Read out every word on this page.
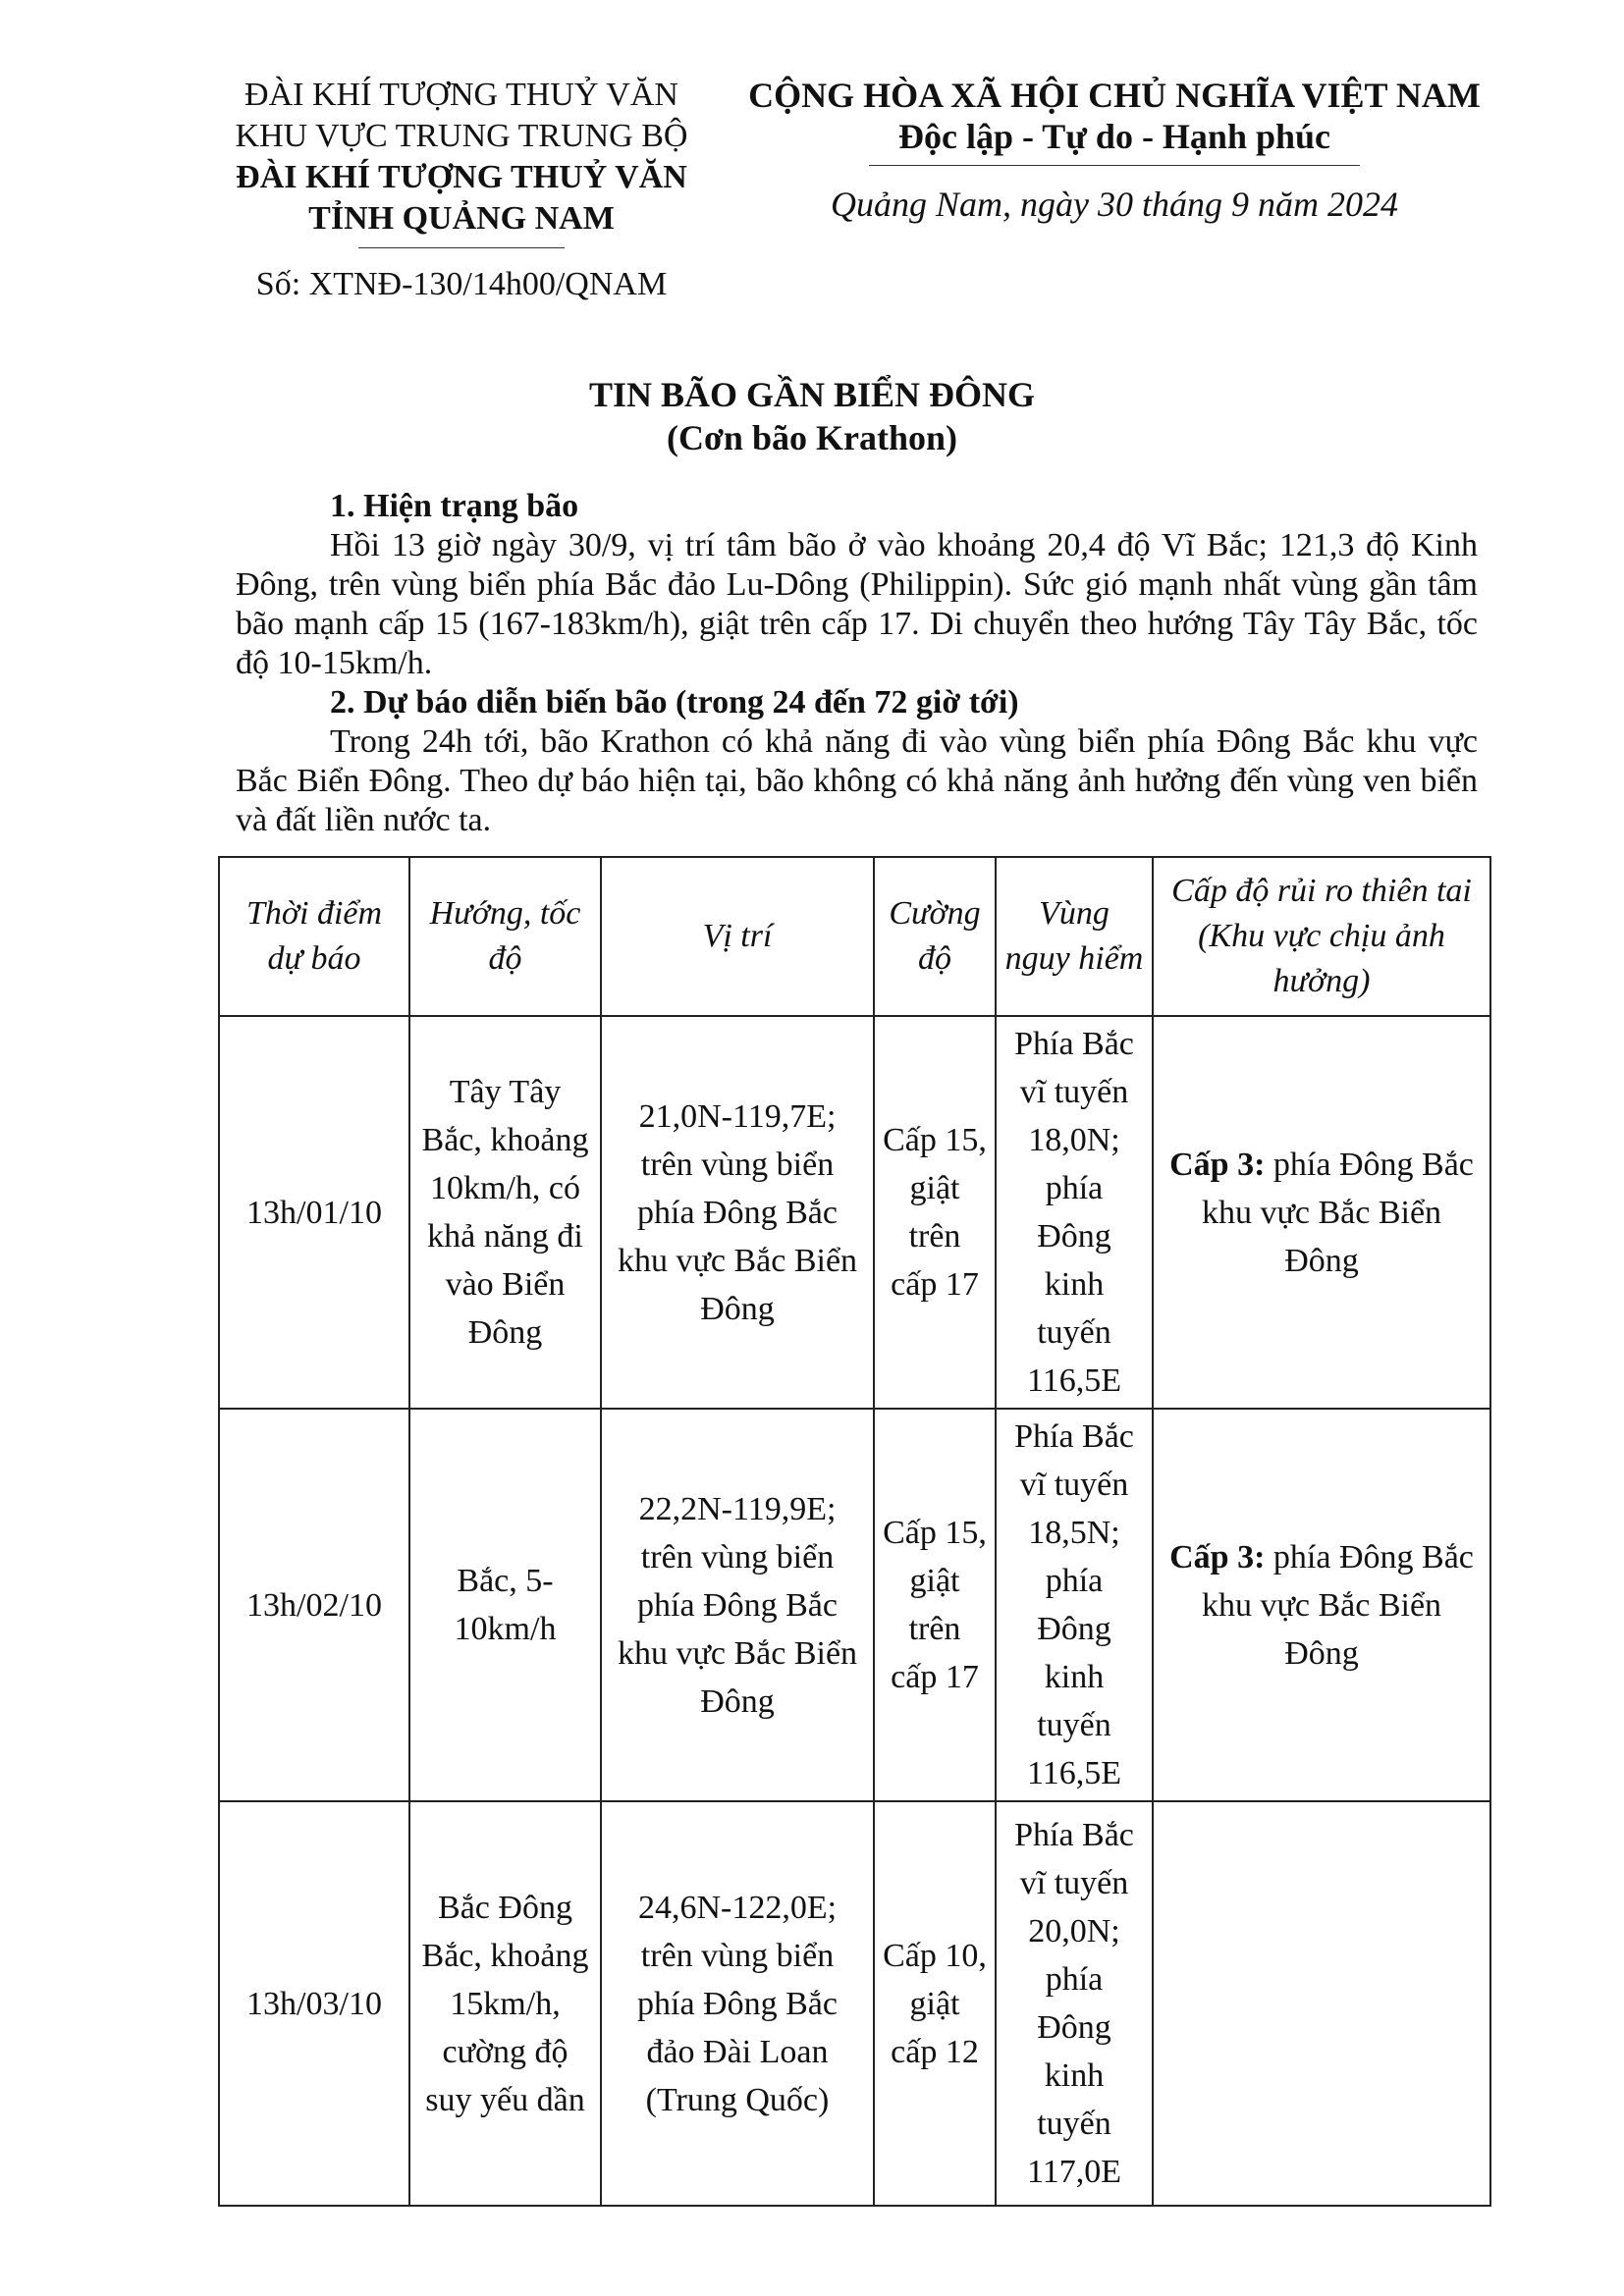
ĐÀI KHÍ TƯỢNG THUỶ VĂN
KHU VỰC TRUNG TRUNG BỘ
ĐÀI KHÍ TƯỢNG THUỶ VĂN
TỈNH QUẢNG NAM
Số: XTNĐ-130/14h00/QNAM
CỘNG HÒA XÃ HỘI CHỦ NGHĨA VIỆT NAM
Độc lập - Tự do - Hạnh phúc
Quảng Nam, ngày 30 tháng 9 năm 2024
TIN BÃO GẦN BIỂN ĐÔNG
(Cơn bão Krathon)

1. Hiện trạng bão

Hồi 13 giờ ngày 30/9, vị trí tâm bão ở vào khoảng 20,4 độ Vĩ Bắc; 121,3 độ Kinh Đông, trên vùng biển phía Bắc đảo Lu-Dông (Philippin). Sức gió mạnh nhất vùng gần tâm bão mạnh cấp 15 (167-183km/h), giật trên cấp 17. Di chuyển theo hướng Tây Tây Bắc, tốc độ 10-15km/h.

2. Dự báo diễn biến bão (trong 24 đến 72 giờ tới)

Trong 24h tới, bão Krathon có khả năng đi vào vùng biển phía Đông Bắc khu vực Bắc Biển Đông. Theo dự báo hiện tại, bão không có khả năng ảnh hưởng đến vùng ven biển và đất liền nước ta.

Thời điểm dự báo	Hướng, tốc độ	Vị trí	Cường độ	Vùng nguy hiểm	Cấp độ rủi ro thiên tai (Khu vực chịu ảnh hưởng)
13h/01/10	Tây Tây Bắc, khoảng 10km/h, có khả năng đi vào Biển Đông	21,0N-119,7E; trên vùng biển phía Đông Bắc khu vực Bắc Biển Đông	Cấp 15, giật trên cấp 17	Phía Bắc vĩ tuyến 18,0N; phía Đông kinh tuyến 116,5E	Cấp 3: phía Đông Bắc khu vực Bắc Biển Đông
13h/02/10	Bắc, 5-10km/h	22,2N-119,9E; trên vùng biển phía Đông Bắc khu vực Bắc Biển Đông	Cấp 15, giật trên cấp 17	Phía Bắc vĩ tuyến 18,5N; phía Đông kinh tuyến 116,5E	Cấp 3: phía Đông Bắc khu vực Bắc Biển Đông
13h/03/10	Bắc Đông Bắc, khoảng 15km/h, cường độ suy yếu dần	24,6N-122,0E; trên vùng biển phía Đông Bắc đảo Đài Loan (Trung Quốc)	Cấp 10, giật cấp 12	Phía Bắc vĩ tuyến 20,0N; phía Đông kinh tuyến 117,0E	
